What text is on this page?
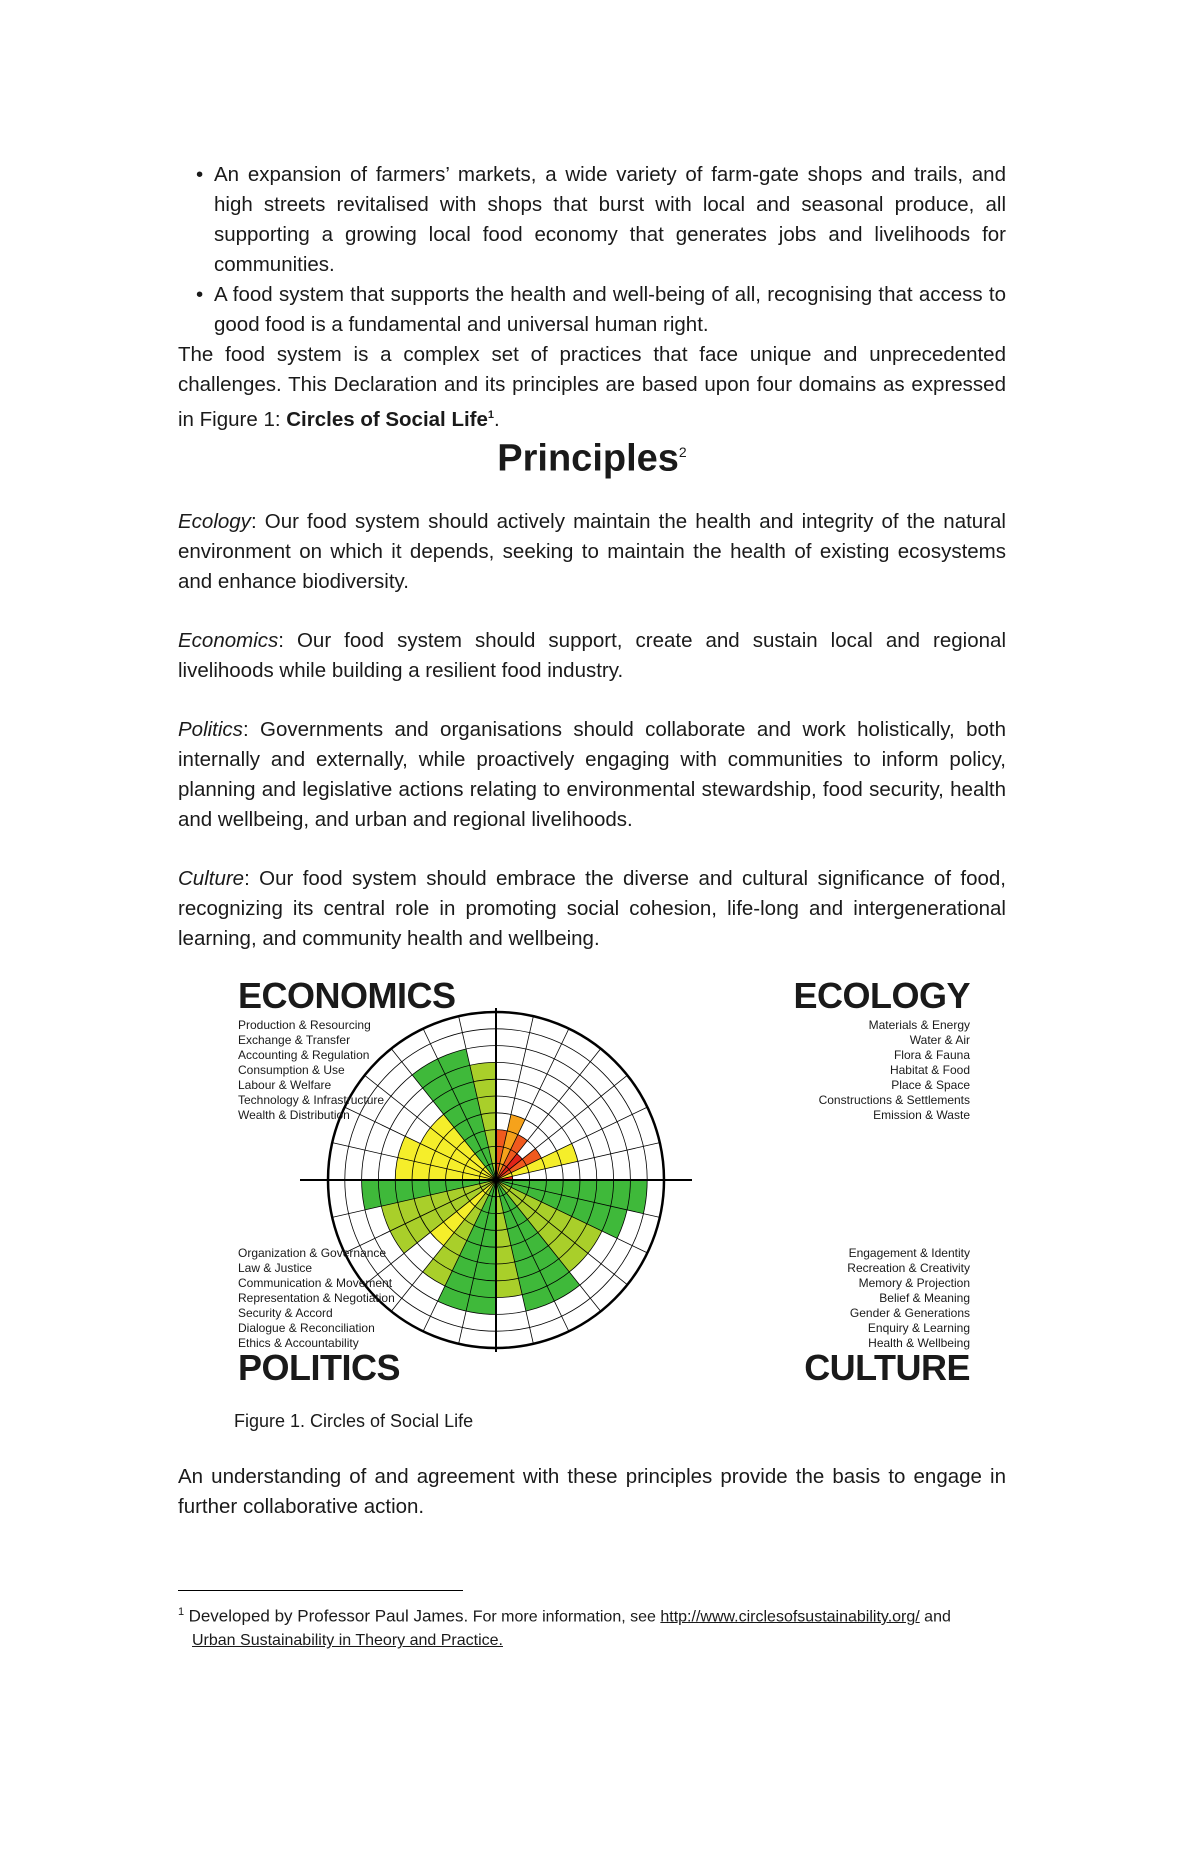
• An expansion of farmers’ markets, a wide variety of farm-gate shops and trails, and high streets revitalised with shops that burst with local and seasonal produce, all supporting a growing local food economy that generates jobs and livelihoods for communities.
• A food system that supports the health and well-being of all, recognising that access to good food is a fundamental and universal human right.

The food system is a complex set of practices that face unique and unprecedented challenges. This Declaration and its principles are based upon four domains as expressed in Figure 1: Circles of Social Life$^1$.

Principles$^2$

Ecology: Our food system should actively maintain the health and integrity of the natural environment on which it depends, seeking to maintain the health of existing ecosystems and enhance biodiversity.

Economics: Our food system should support, create and sustain local and regional livelihoods while building a resilient food industry.

Politics: Governments and organisations should collaborate and work holistically, both internally and externally, while proactively engaging with communities to inform policy, planning and legislative actions relating to environmental stewardship, food security, health and wellbeing, and urban and regional livelihoods.

Culture: Our food system should embrace the diverse and cultural significance of food, recognizing its central role in promoting social cohesion, life-long and intergenerational learning, and community health and wellbeing.

ECONOMICS
Production & Resourcing
Exchange & Transfer
Accounting & Regulation
Consumption & Use
Labour & Welfare
Technology & Infrastructure
Wealth & Distribution
ECOLOGY
Materials & Energy
Water & Air
Flora & Fauna
Habitat & Food
Place & Space
Constructions & Settlements
Emission & Waste
Organization & Governance
Law & Justice
Communication & Movement
Representation & Negotiation
Security & Accord
Dialogue & Reconciliation
Ethics & Accountability
POLITICS
Engagement & Identity
Recreation & Creativity
Memory & Projection
Belief & Meaning
Gender & Generations
Enquiry & Learning
Health & Wellbeing
CULTURE
Figure 1. Circles of Social Life

An understanding of and agreement with these principles provide the basis to engage in further collaborative action.

$^1$ Developed by Professor Paul James. For more information, see http://www.circlesofsustainability.org/ and
Urban Sustainability in Theory and Practice.
